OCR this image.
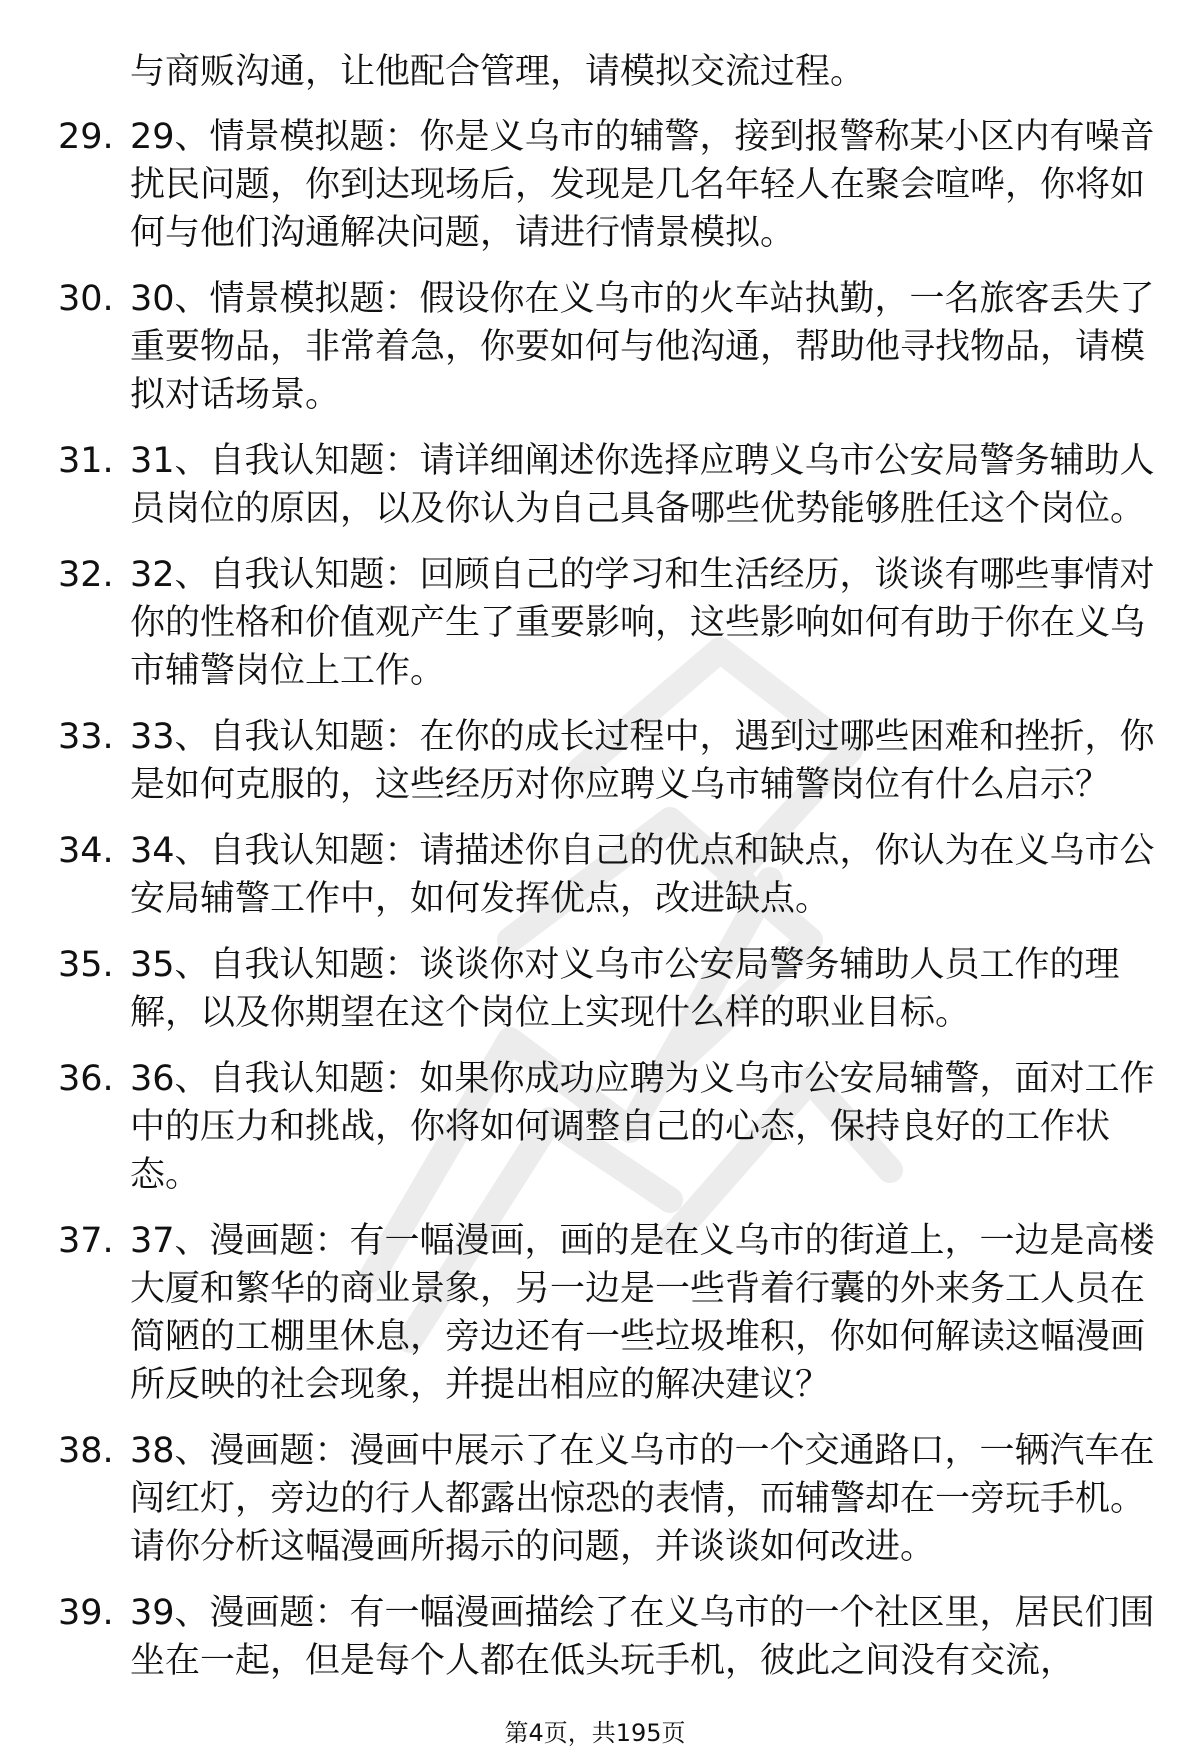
与商贩沟通，让他配合管理，请模拟交流过程。
29. 29、情景模拟题：你是义乌市的辅警，接到报警称某小区内有噪音扰民问题，你到达现场后，发现是几名年轻人在聚会喧哗，你将如何与他们沟通解决问题，请进行情景模拟。
30. 30、情景模拟题：假设你在义乌市的火车站执勤，一名旅客丢失了重要物品，非常着急，你要如何与他沟通，帮助他寻找物品，请模拟对话场景。
31. 31、自我认知题：请详细阐述你选择应聘义乌市公安局警务辅助人员岗位的原因，以及你认为自己具备哪些优势能够胜任这个岗位。
32. 32、自我认知题：回顾自己的学习和生活经历，谈谈有哪些事情对你的性格和价值观产生了重要影响，这些影响如何有助于你在义乌市辅警岗位上工作。
33. 33、自我认知题：在你的成长过程中，遇到过哪些困难和挫折，你是如何克服的，这些经历对你应聘义乌市辅警岗位有什么启示？
34. 34、自我认知题：请描述你自己的优点和缺点，你认为在义乌市公安局辅警工作中，如何发挥优点，改进缺点。
35. 35、自我认知题：谈谈你对义乌市公安局警务辅助人员工作的理解，以及你期望在这个岗位上实现什么样的职业目标。
36. 36、自我认知题：如果你成功应聘为义乌市公安局辅警，面对工作中的压力和挑战，你将如何调整自己的心态，保持良好的工作状态。
37. 37、漫画题：有一幅漫画，画的是在义乌市的街道上，一边是高楼大厦和繁华的商业景象，另一边是一些背着行囊的外来务工人员在简陋的工棚里休息，旁边还有一些垃圾堆积，你如何解读这幅漫画所反映的社会现象，并提出相应的解决建议？
38. 38、漫画题：漫画中展示了在义乌市的一个交通路口，一辆汽车在闯红灯，旁边的行人都露出惊恐的表情，而辅警却在一旁玩手机。请你分析这幅漫画所揭示的问题，并谈谈如何改进。
39. 39、漫画题：有一幅漫画描绘了在义乌市的一个社区里，居民们围坐在一起，但是每个人都在低头玩手机，彼此之间没有交流，
第4页，共195页
